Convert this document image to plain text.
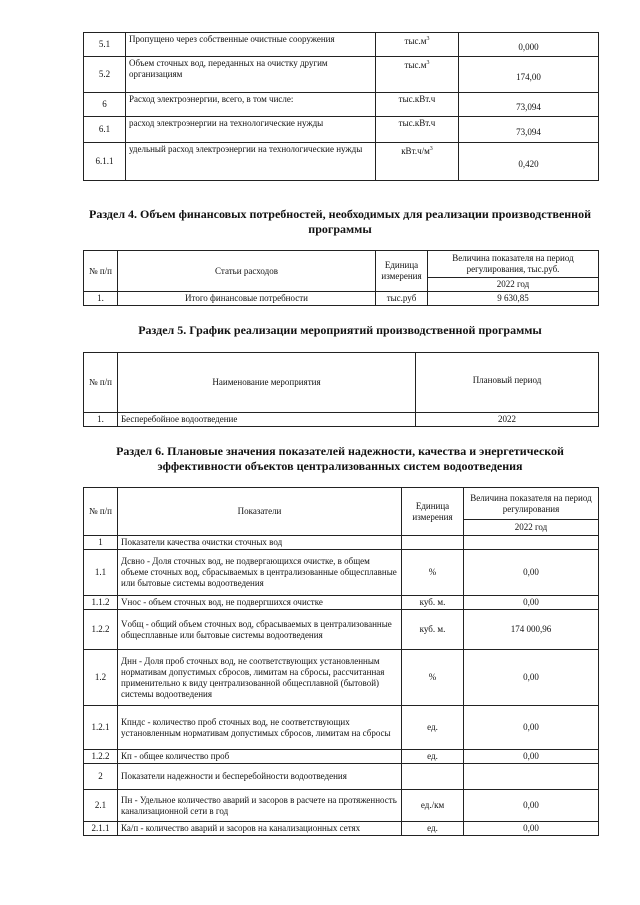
5.1	Пропущено через собственные очистные сооружения	$тыс.м^3$	0,000
5.2	Объем сточных вод, переданных на очистку другим организациям	$тыс.м^3$	174,00
6	Расход электроэнергии, всего, в том числе:	тыс.кВт.ч	73,094
6.1	расход электроэнергии на технологические нужды	тыс.кВт.ч	73,094
6.1.1	удельный расход электроэнергии на технологические нужды	$кВт.ч/м^3$	0,420
Раздел 4. Объем финансовых потребностей, необходимых для реализации производственной программы
№ п/п	Статьи расходов	Единица измерения	Величина показателя на период регулирования, тыс.руб.
			2022 год
1.	Итого финансовые потребности	тыс.руб	9 630,85
Раздел 5. График реализации мероприятий производственной программы
№ п/п	Наименование мероприятия	Плановый период
1.	Бесперебойное водоотведение	2022
Раздел 6. Плановые значения показателей надежности, качества и энергетической эффективности объектов централизованных систем водоотведения
№ п/п	Показатели	Единица измерения	Величина показателя на период регулирования
			2022 год
1	Показатели качества очистки сточных вод		
1.1	Дсвно - Доля сточных вод, не подвергающихся очистке, в общем объеме сточных вод, сбрасываемых в централизованные общесплавные или бытовые системы водоотведения	%	0,00
1.1.2	Vнос - объем сточных вод, не подвергшихся очистке	куб. м.	0,00
1.2.2	Vобщ - общий объем сточных вод, сбрасываемых в централизованные общесплавные или бытовые системы водоотведения	куб. м.	174 000,96
1.2	Днн - Доля проб сточных вод, не соответствующих установленным нормативам допустимых сбросов, лимитам на сбросы, рассчитанная применительно к виду централизованной общесплавной (бытовой) системы водоотведения	%	0,00
1.2.1	Кпндс - количество проб сточных вод, не соответствующих установленным нормативам допустимых сбросов, лимитам на сбросы	ед.	0,00
1.2.2	Кп - общее количество проб	ед.	0,00
2	Показатели надежности и бесперебойности водоотведения		
2.1	Пн - Удельное количество аварий и засоров в расчете на протяженность канализационной сети в год	ед./км	0,00
2.1.1	Ка/п - количество аварий и засоров на канализационных сетях	ед.	0,00
